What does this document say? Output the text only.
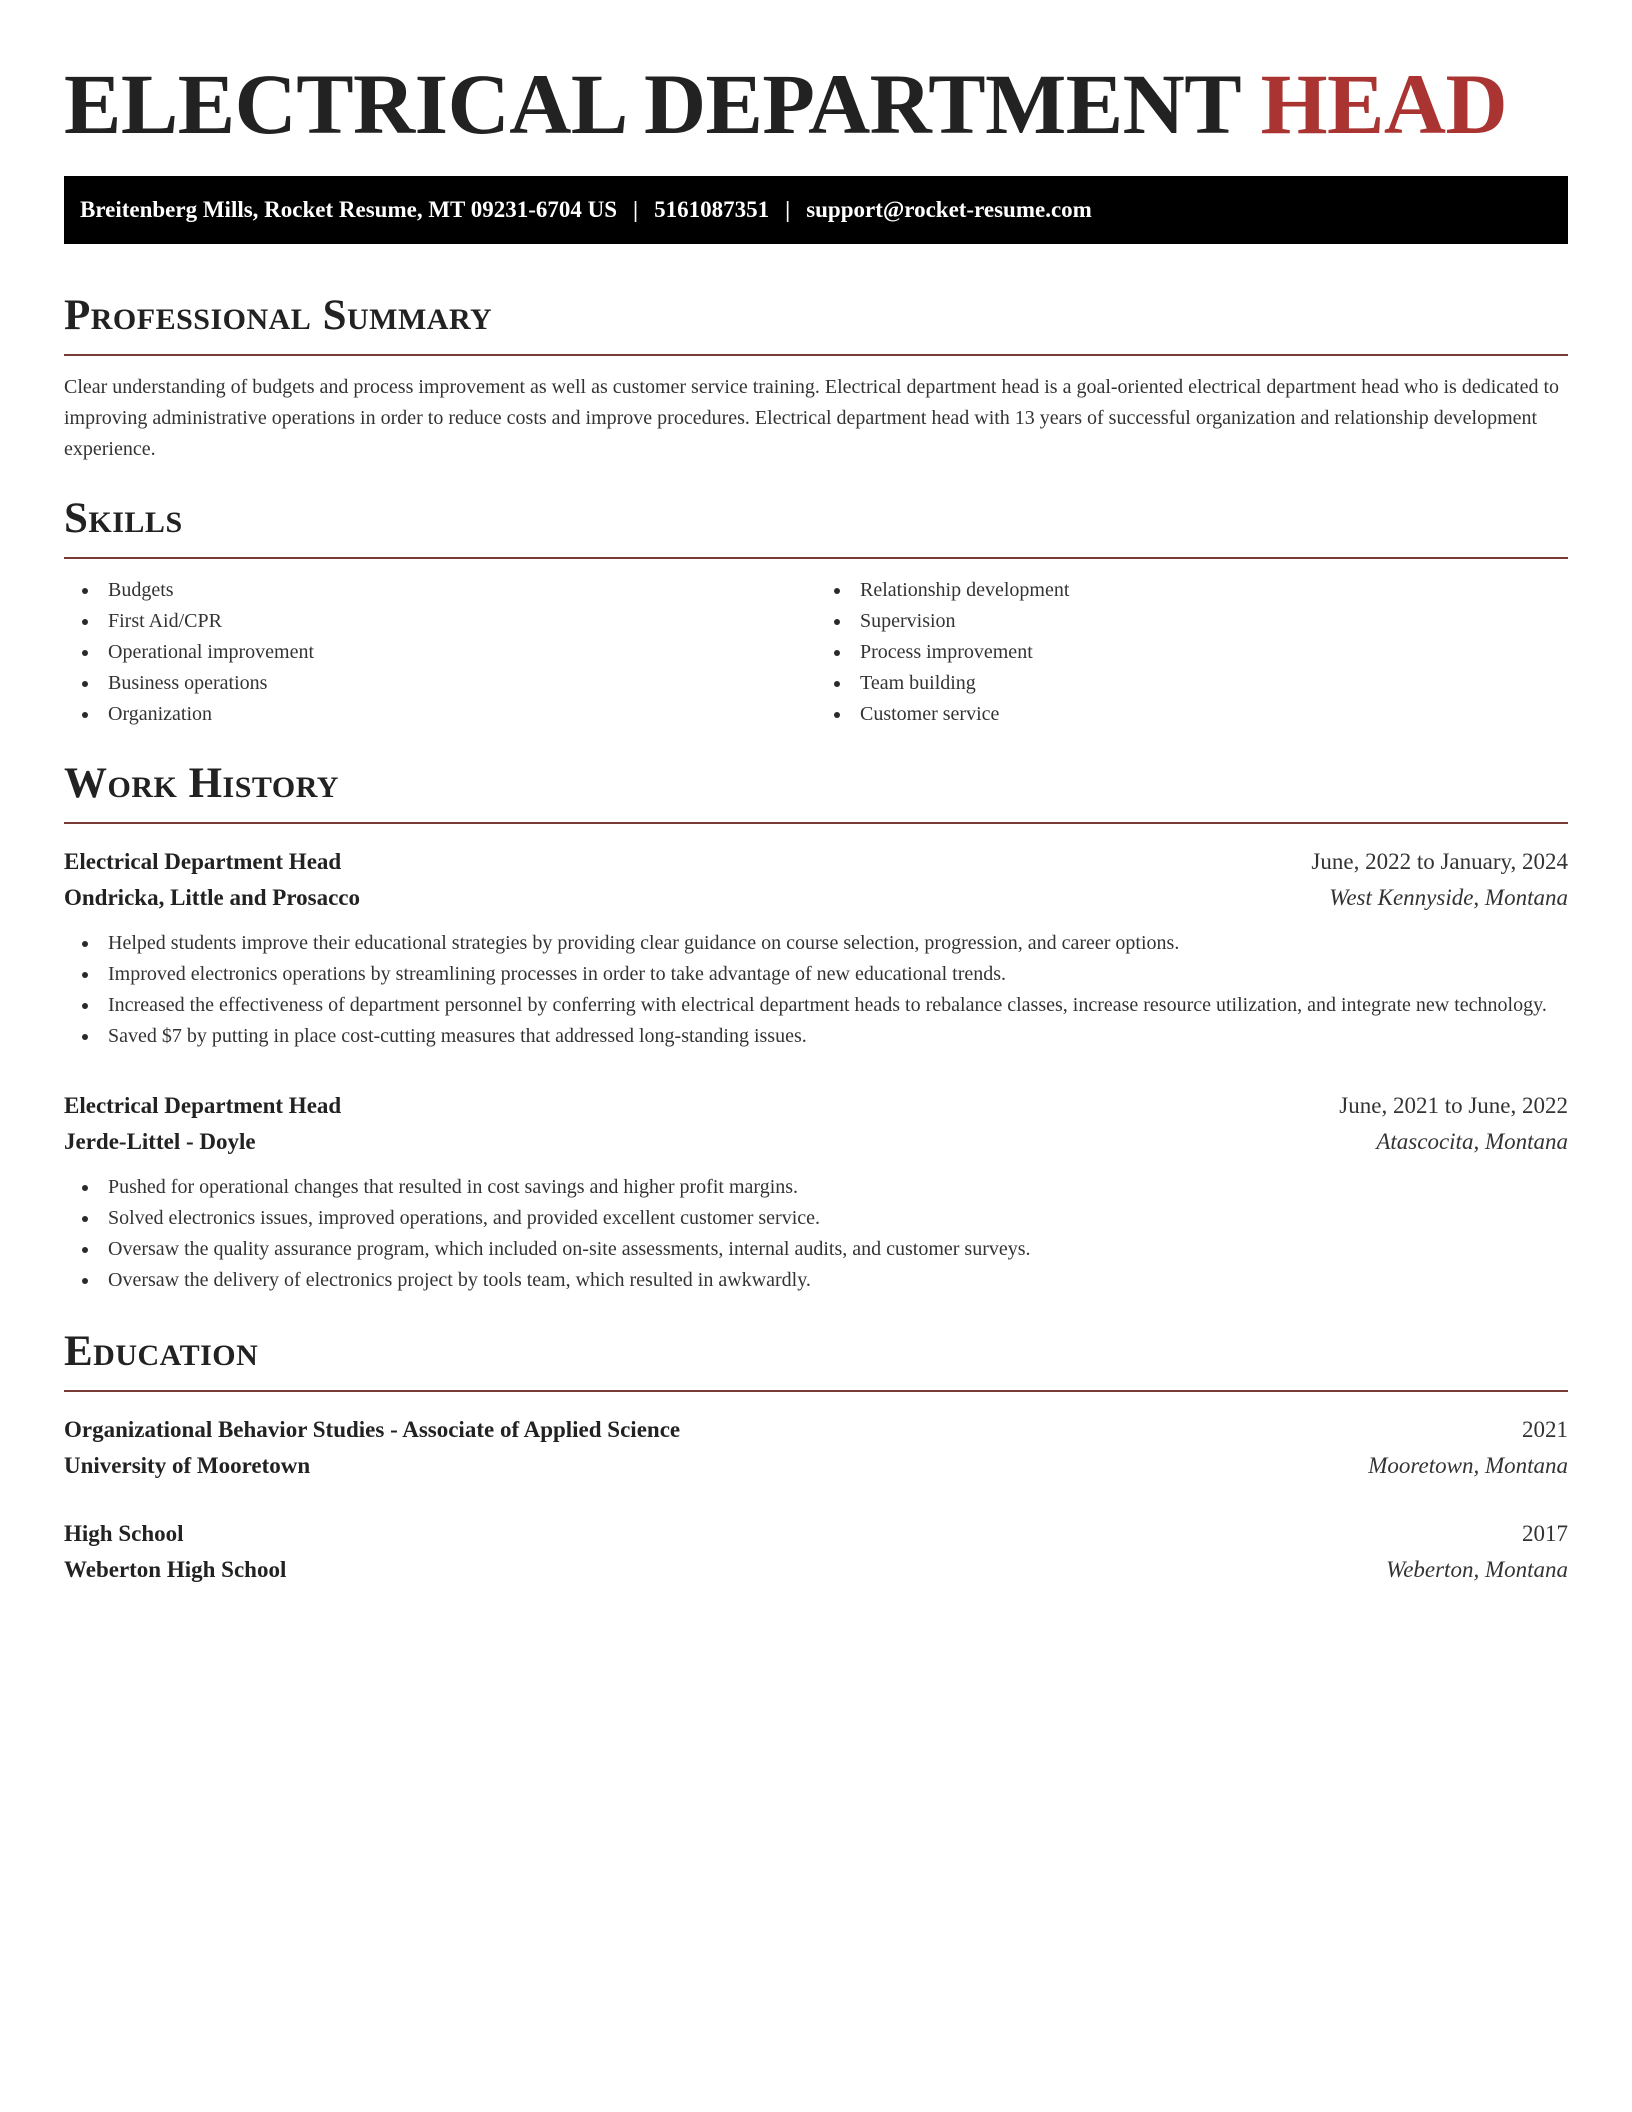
ELECTRICAL DEPARTMENT HEAD
Breitenberg Mills, Rocket Resume, MT 09231-6704 US | 5161087351 | support@rocket-resume.com
Professional Summary

Clear understanding of budgets and process improvement as well as customer service training. Electrical department head is a goal-oriented electrical department head who is dedicated to improving administrative operations in order to reduce costs and improve procedures. Electrical department head with 13 years of successful organization and relationship development experience.

Skills
Budgets
First Aid/CPR
Operational improvement
Business operations
Organization
Relationship development
Supervision
Process improvement
Team building
Customer service
Work History
Electrical Department Head	June, 2022 to January, 2024
Ondricka, Little and Prosacco	West Kennyside, Montana
Helped students improve their educational strategies by providing clear guidance on course selection, progression, and career options.
Improved electronics operations by streamlining processes in order to take advantage of new educational trends.
Increased the effectiveness of department personnel by conferring with electrical department heads to rebalance classes, increase resource utilization, and integrate new technology.
Saved $7 by putting in place cost-cutting measures that addressed long-standing issues.
Electrical Department Head	June, 2021 to June, 2022
Jerde-Littel - Doyle	Atascocita, Montana
Pushed for operational changes that resulted in cost savings and higher profit margins.
Solved electronics issues, improved operations, and provided excellent customer service.
Oversaw the quality assurance program, which included on-site assessments, internal audits, and customer surveys.
Oversaw the delivery of electronics project by tools team, which resulted in awkwardly.
Education
Organizational Behavior Studies - Associate of Applied Science	2021
University of Mooretown	Mooretown, Montana
High School	2017
Weberton High School	Weberton, Montana
